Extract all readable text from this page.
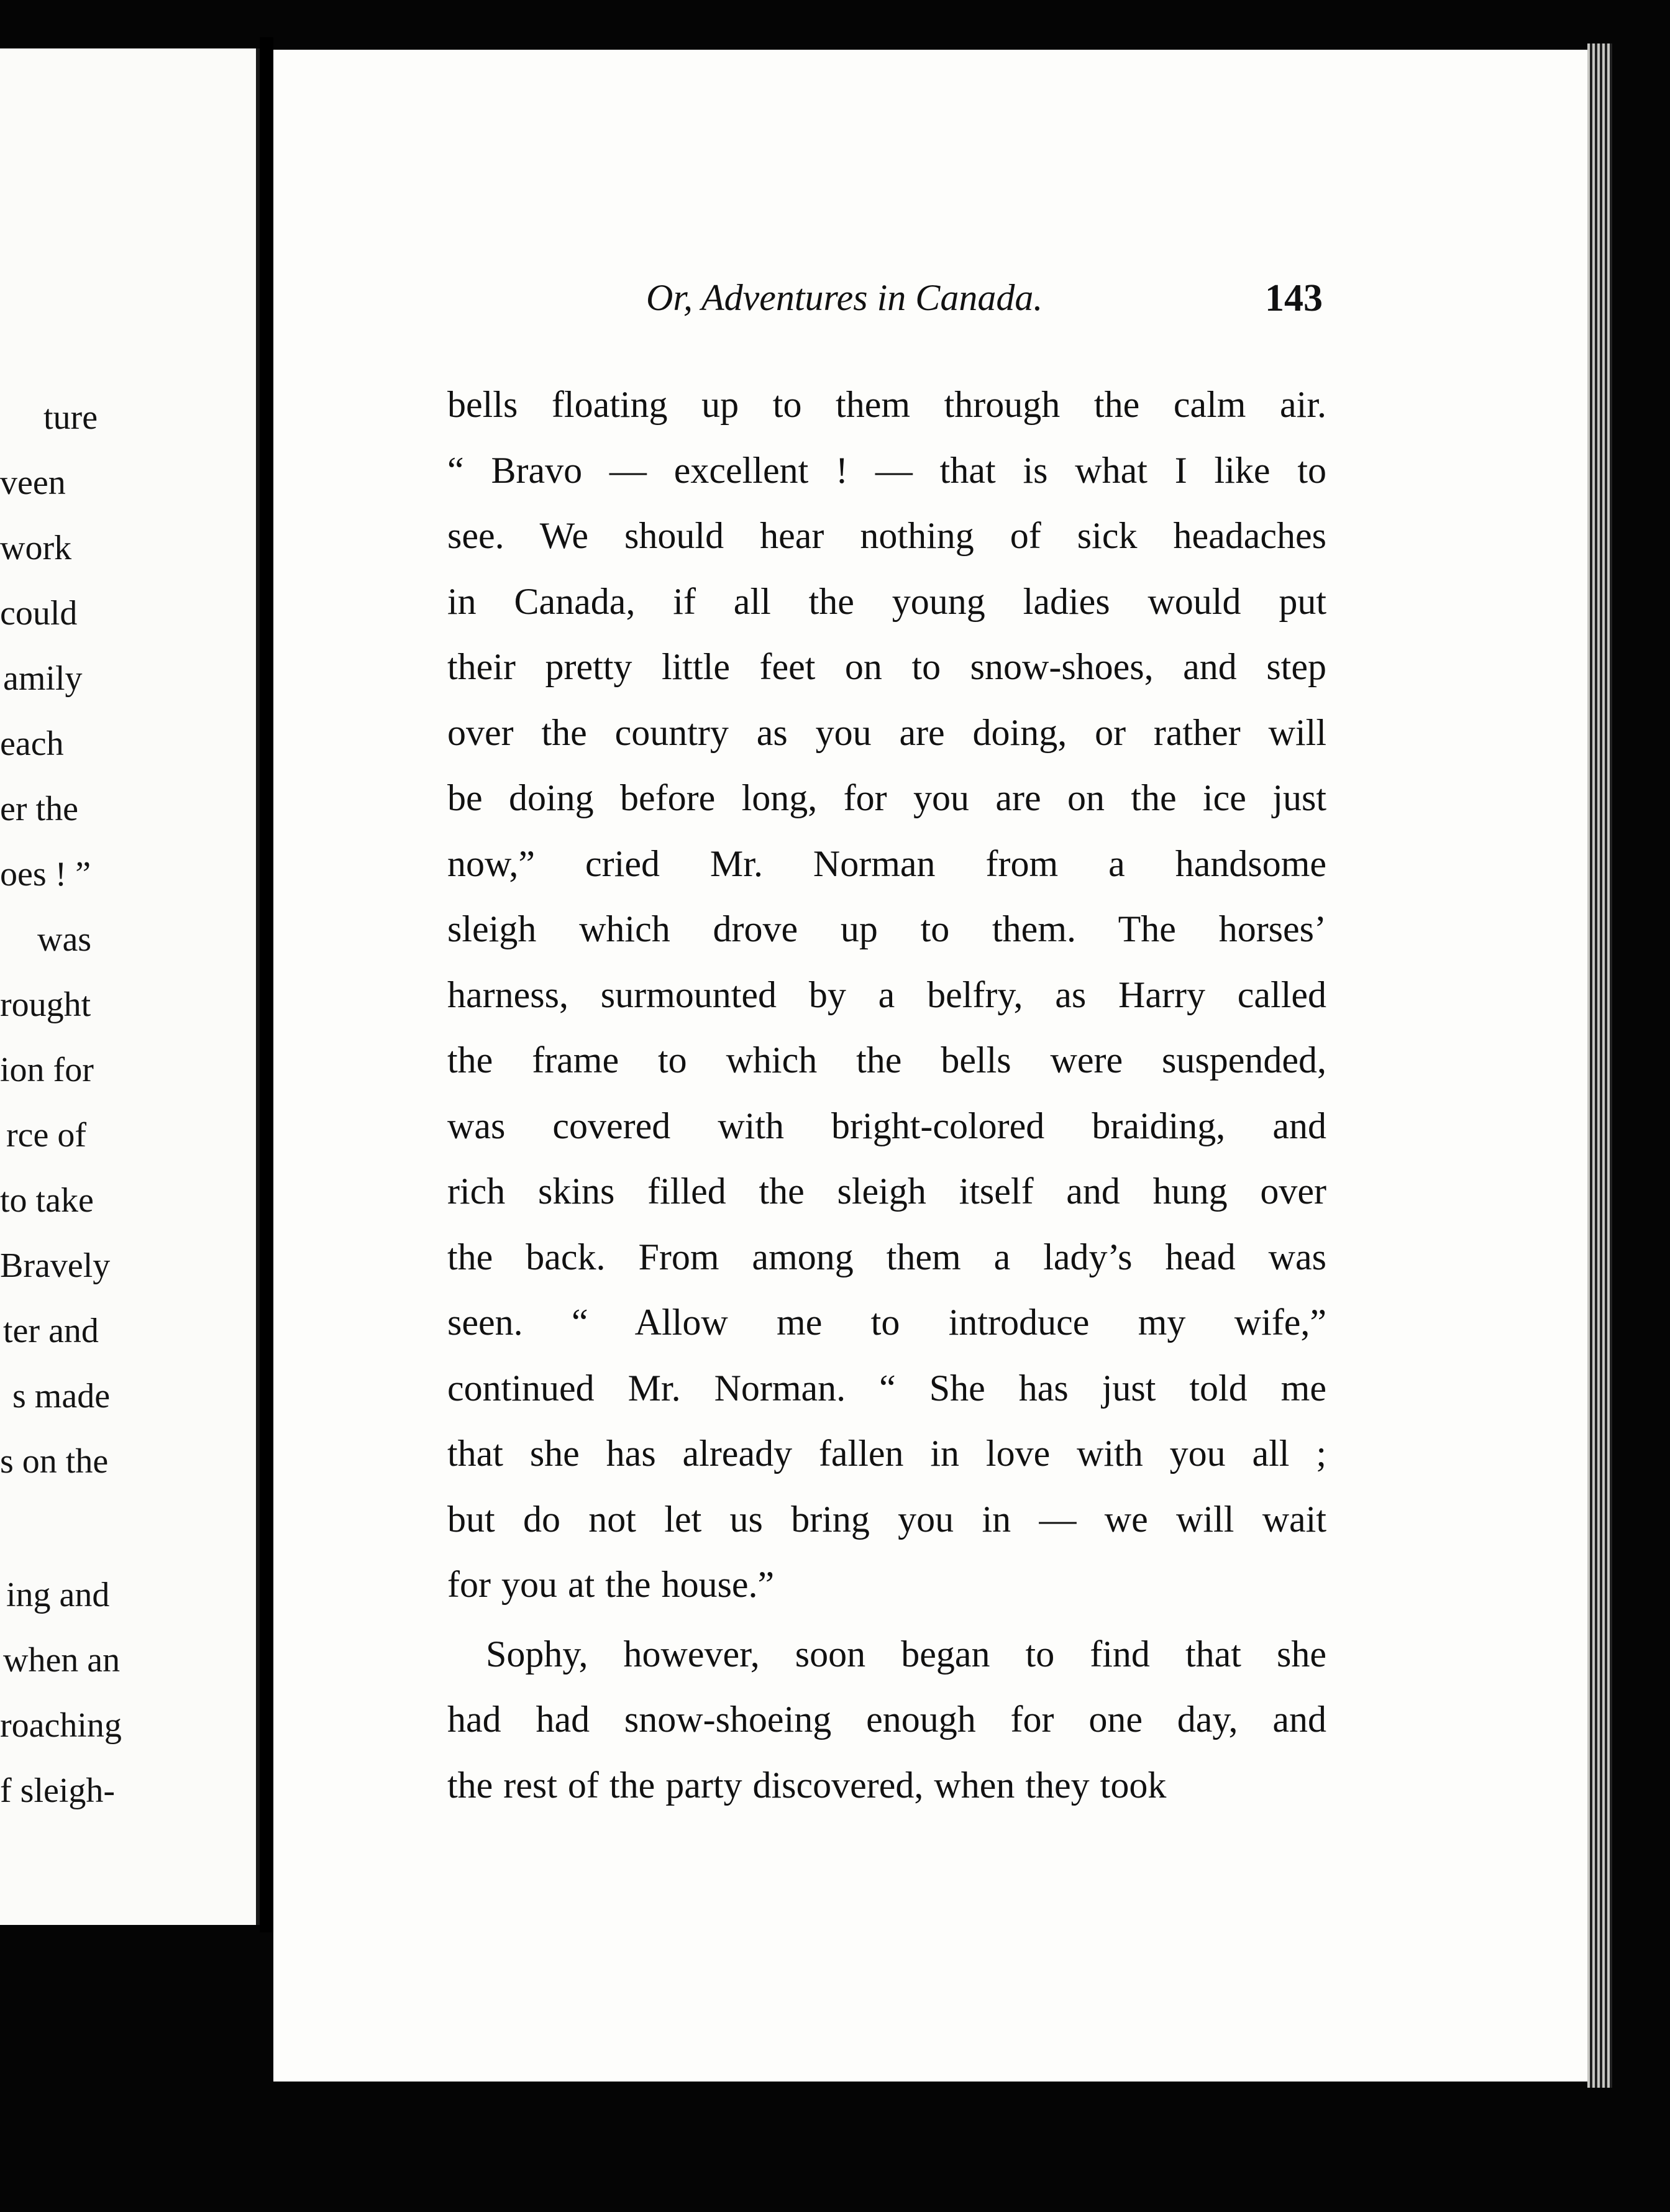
ture
veen
work
could
amily
each
er the
oes ! ”
was
rought
ion for
rce of
to take
Bravely
ter and
s made
s on the
ing and
when an
roaching
f sleigh-
Or, Adventures in Canada.	143
bells floating up to them through the calm air.
“ Bravo — excellent ! — that is what I like to
see. We should hear nothing of sick headaches
in Canada, if all the young ladies would put
their pretty little feet on to snow-shoes, and step
over the country as you are doing, or rather will
be doing before long, for you are on the ice just
now,” cried Mr. Norman from a handsome
sleigh which drove up to them. The horses’
harness, surmounted by a belfry, as Harry called
the frame to which the bells were suspended,
was covered with bright-colored braiding, and
rich skins filled the sleigh itself and hung over
the back. From among them a lady’s head was
seen. “ Allow me to introduce my wife,”
continued Mr. Norman. “ She has just told me
that she has already fallen in love with you all ;
but do not let us bring you in — we will wait
for you at the house.”
Sophy, however, soon began to find that she
had had snow-shoeing enough for one day, and
the rest of the party discovered, when they took
